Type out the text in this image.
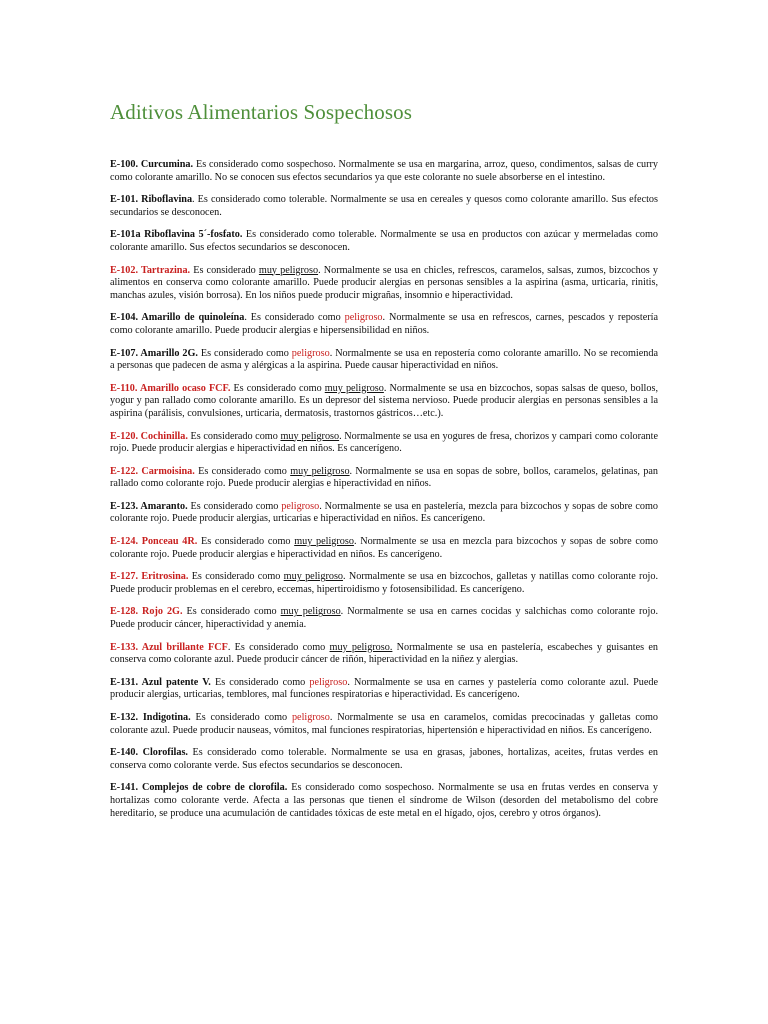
Aditivos Alimentarios Sospechosos

E-100. Curcumina. Es considerado como sospechoso. Normalmente se usa en margarina, arroz, queso, condimentos, salsas de curry como colorante amarillo. No se conocen sus efectos secundarios ya que este colorante no suele absorberse en el intestino.

E-101. Riboflavina. Es considerado como tolerable. Normalmente se usa en cereales y quesos como colorante amarillo. Sus efectos secundarios se desconocen.

E-101a Riboflavina 5´-fosfato. Es considerado como tolerable. Normalmente se usa en productos con azúcar y mermeladas como colorante amarillo. Sus efectos secundarios se desconocen.

E-102. Tartrazina. Es considerado muy peligroso. Normalmente se usa en chicles, refrescos, caramelos, salsas, zumos, bizcochos y alimentos en conserva como colorante amarillo. Puede producir alergias en personas sensibles a la aspirina (asma, urticaria, rinitis, manchas azules, visión borrosa). En los niños puede producir migrañas, insomnio e hiperactividad.

E-104. Amarillo de quinoleína. Es considerado como peligroso. Normalmente se usa en refrescos, carnes, pescados y repostería como colorante amarillo. Puede producir alergias e hipersensibilidad en niños.

E-107. Amarillo 2G. Es considerado como peligroso. Normalmente se usa en repostería como colorante amarillo. No se recomienda a personas que padecen de asma y alérgicas a la aspirina. Puede causar hiperactividad en niños.

E-110. Amarillo ocaso FCF. Es considerado como muy peligroso. Normalmente se usa en bizcochos, sopas salsas de queso, bollos, yogur y pan rallado como colorante amarillo. Es un depresor del sistema nervioso. Puede producir alergias en personas sensibles a la aspirina (parálisis, convulsiones, urticaria, dermatosis, trastornos gástricos…etc.).

E-120. Cochinilla. Es considerado como muy peligroso. Normalmente se usa en yogures de fresa, chorizos y campari como colorante rojo. Puede producir alergias e hiperactividad en niños. Es cancerígeno.

E-122. Carmoisina. Es considerado como muy peligroso. Normalmente se usa en sopas de sobre, bollos, caramelos, gelatinas, pan rallado como colorante rojo. Puede producir alergias e hiperactividad en niños.

E-123. Amaranto. Es considerado como peligroso. Normalmente se usa en pastelería, mezcla para bizcochos y sopas de sobre como colorante rojo. Puede producir alergias, urticarias e hiperactividad en niños. Es cancerígeno.

E-124. Ponceau 4R. Es considerado como muy peligroso. Normalmente se usa en mezcla para bizcochos y sopas de sobre como colorante rojo. Puede producir alergias e hiperactividad en niños. Es cancerígeno.

E-127. Eritrosina. Es considerado como muy peligroso. Normalmente se usa en bizcochos, galletas y natillas como colorante rojo. Puede producir problemas en el cerebro, eccemas, hipertiroidismo y fotosensibilidad. Es cancerígeno.

E-128. Rojo 2G. Es considerado como muy peligroso. Normalmente se usa en carnes cocidas y salchichas como colorante rojo. Puede producir cáncer, hiperactividad y anemia.

E-133. Azul brillante FCF. Es considerado como muy peligroso. Normalmente se usa en pastelería, escabeches y guisantes en conserva como colorante azul. Puede producir cáncer de riñón, hiperactividad en la niñez y alergias.

E-131. Azul patente V. Es considerado como peligroso. Normalmente se usa en carnes y pastelería como colorante azul. Puede producir alergias, urticarias, temblores, mal funciones respiratorias e hiperactividad. Es cancerígeno.

E-132. Indigotina. Es considerado como peligroso. Normalmente se usa en caramelos, comidas precocinadas y galletas como colorante azul. Puede producir nauseas, vómitos, mal funciones respiratorias, hipertensión e hiperactividad en niños. Es cancerígeno.

E-140. Clorofilas. Es considerado como tolerable. Normalmente se usa en grasas, jabones, hortalizas, aceites, frutas verdes en conserva como colorante verde. Sus efectos secundarios se desconocen.

E-141. Complejos de cobre de clorofila. Es considerado como sospechoso. Normalmente se usa en frutas verdes en conserva y hortalizas como colorante verde. Afecta a las personas que tienen el síndrome de Wilson (desorden del metabolismo del cobre hereditario, se produce una acumulación de cantidades tóxicas de este metal en el hígado, ojos, cerebro y otros órganos).
